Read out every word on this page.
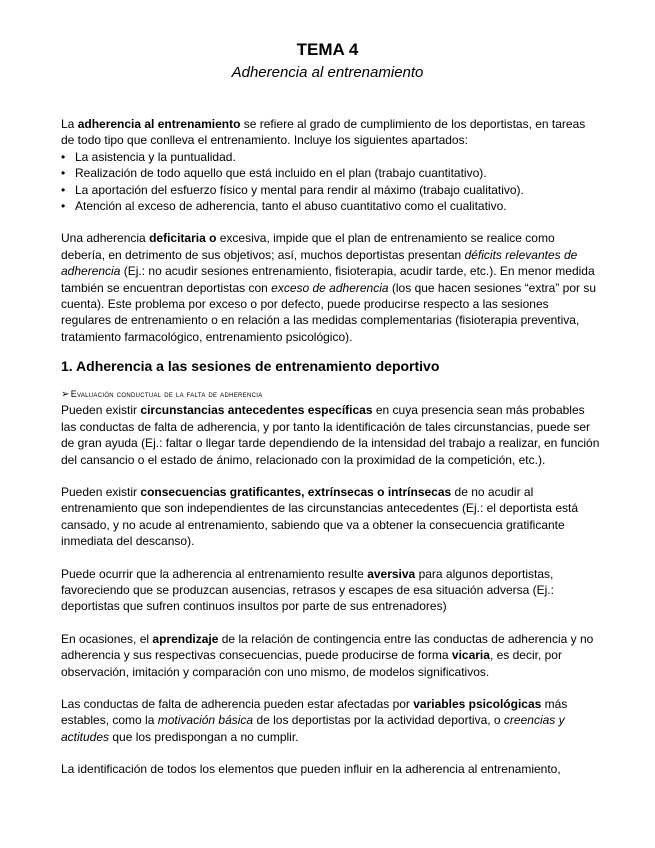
TEMA 4
Adherencia al entrenamiento

La adherencia al entrenamiento se refiere al grado de cumplimiento de los deportistas, en tareas de todo tipo que conlleva el entrenamiento. Incluye los siguientes apartados:

• La asistencia y la puntualidad.
• Realización de todo aquello que está incluido en el plan (trabajo cuantitativo).
• La aportación del esfuerzo físico y mental para rendir al máximo (trabajo cualitativo).
• Atención al exceso de adherencia, tanto el abuso cuantitativo como el cualitativo.

Una adherencia deficitaria o excesiva, impide que el plan de entrenamiento se realice como debería, en detrimento de sus objetivos; así, muchos deportistas presentan déficits relevantes de adherencia (Ej.: no acudir sesiones entrenamiento, fisioterapia, acudir tarde, etc.). En menor medida también se encuentran deportistas con exceso de adherencia (los que hacen sesiones “extra” por su cuenta). Este problema por exceso o por defecto, puede producirse respecto a las sesiones regulares de entrenamiento o en relación a las medidas complementarias (fisioterapia preventiva, tratamiento farmacológico, entrenamiento psicológico).

1. Adherencia a las sesiones de entrenamiento deportivo
➢Evaluación conductual de la falta de adherencia

Pueden existir circunstancias antecedentes específicas en cuya presencia sean más probables las conductas de falta de adherencia, y por tanto la identificación de tales circunstancias, puede ser de gran ayuda (Ej.: faltar o llegar tarde dependiendo de la intensidad del trabajo a realizar, en función del cansancio o el estado de ánimo, relacionado con la proximidad de la competición, etc.).

Pueden existir consecuencias gratificantes, extrínsecas o intrínsecas de no acudir al entrenamiento que son independientes de las circunstancias antecedentes (Ej.: el deportista está cansado, y no acude al entrenamiento, sabiendo que va a obtener la consecuencia gratificante inmediata del descanso).

Puede ocurrir que la adherencia al entrenamiento resulte aversiva para algunos deportistas, favoreciendo que se produzcan ausencias, retrasos y escapes de esa situación adversa (Ej.: deportistas que sufren continuos insultos por parte de sus entrenadores)

En ocasiones, el aprendizaje de la relación de contingencia entre las conductas de adherencia y no adherencia y sus respectivas consecuencias, puede producirse de forma vicaria, es decir, por observación, imitación y comparación con uno mismo, de modelos significativos.

Las conductas de falta de adherencia pueden estar afectadas por variables psicológicas más estables, como la motivación básica de los deportistas por la actividad deportiva, o creencias y actitudes que los predispongan a no cumplir.

La identificación de todos los elementos que pueden influir en la adherencia al entrenamiento,
